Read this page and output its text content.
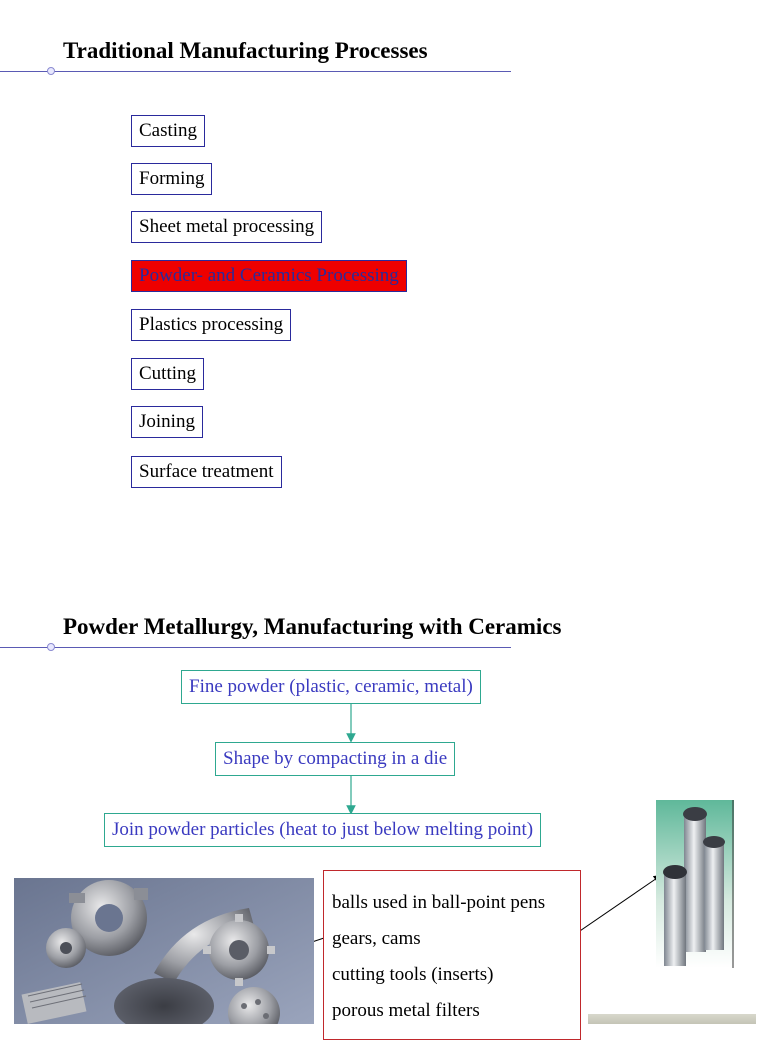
Traditional Manufacturing Processes
Casting
Forming
Sheet metal processing
Powder- and Ceramics Processing
Plastics processing
Cutting
Joining
Surface treatment
Powder Metallurgy, Manufacturing with Ceramics
Fine powder (plastic, ceramic, metal)
Shape by compacting in a die
Join powder particles (heat to just below melting point)
balls used in ball-point pens
gears, cams
cutting tools (inserts)
porous metal filters
